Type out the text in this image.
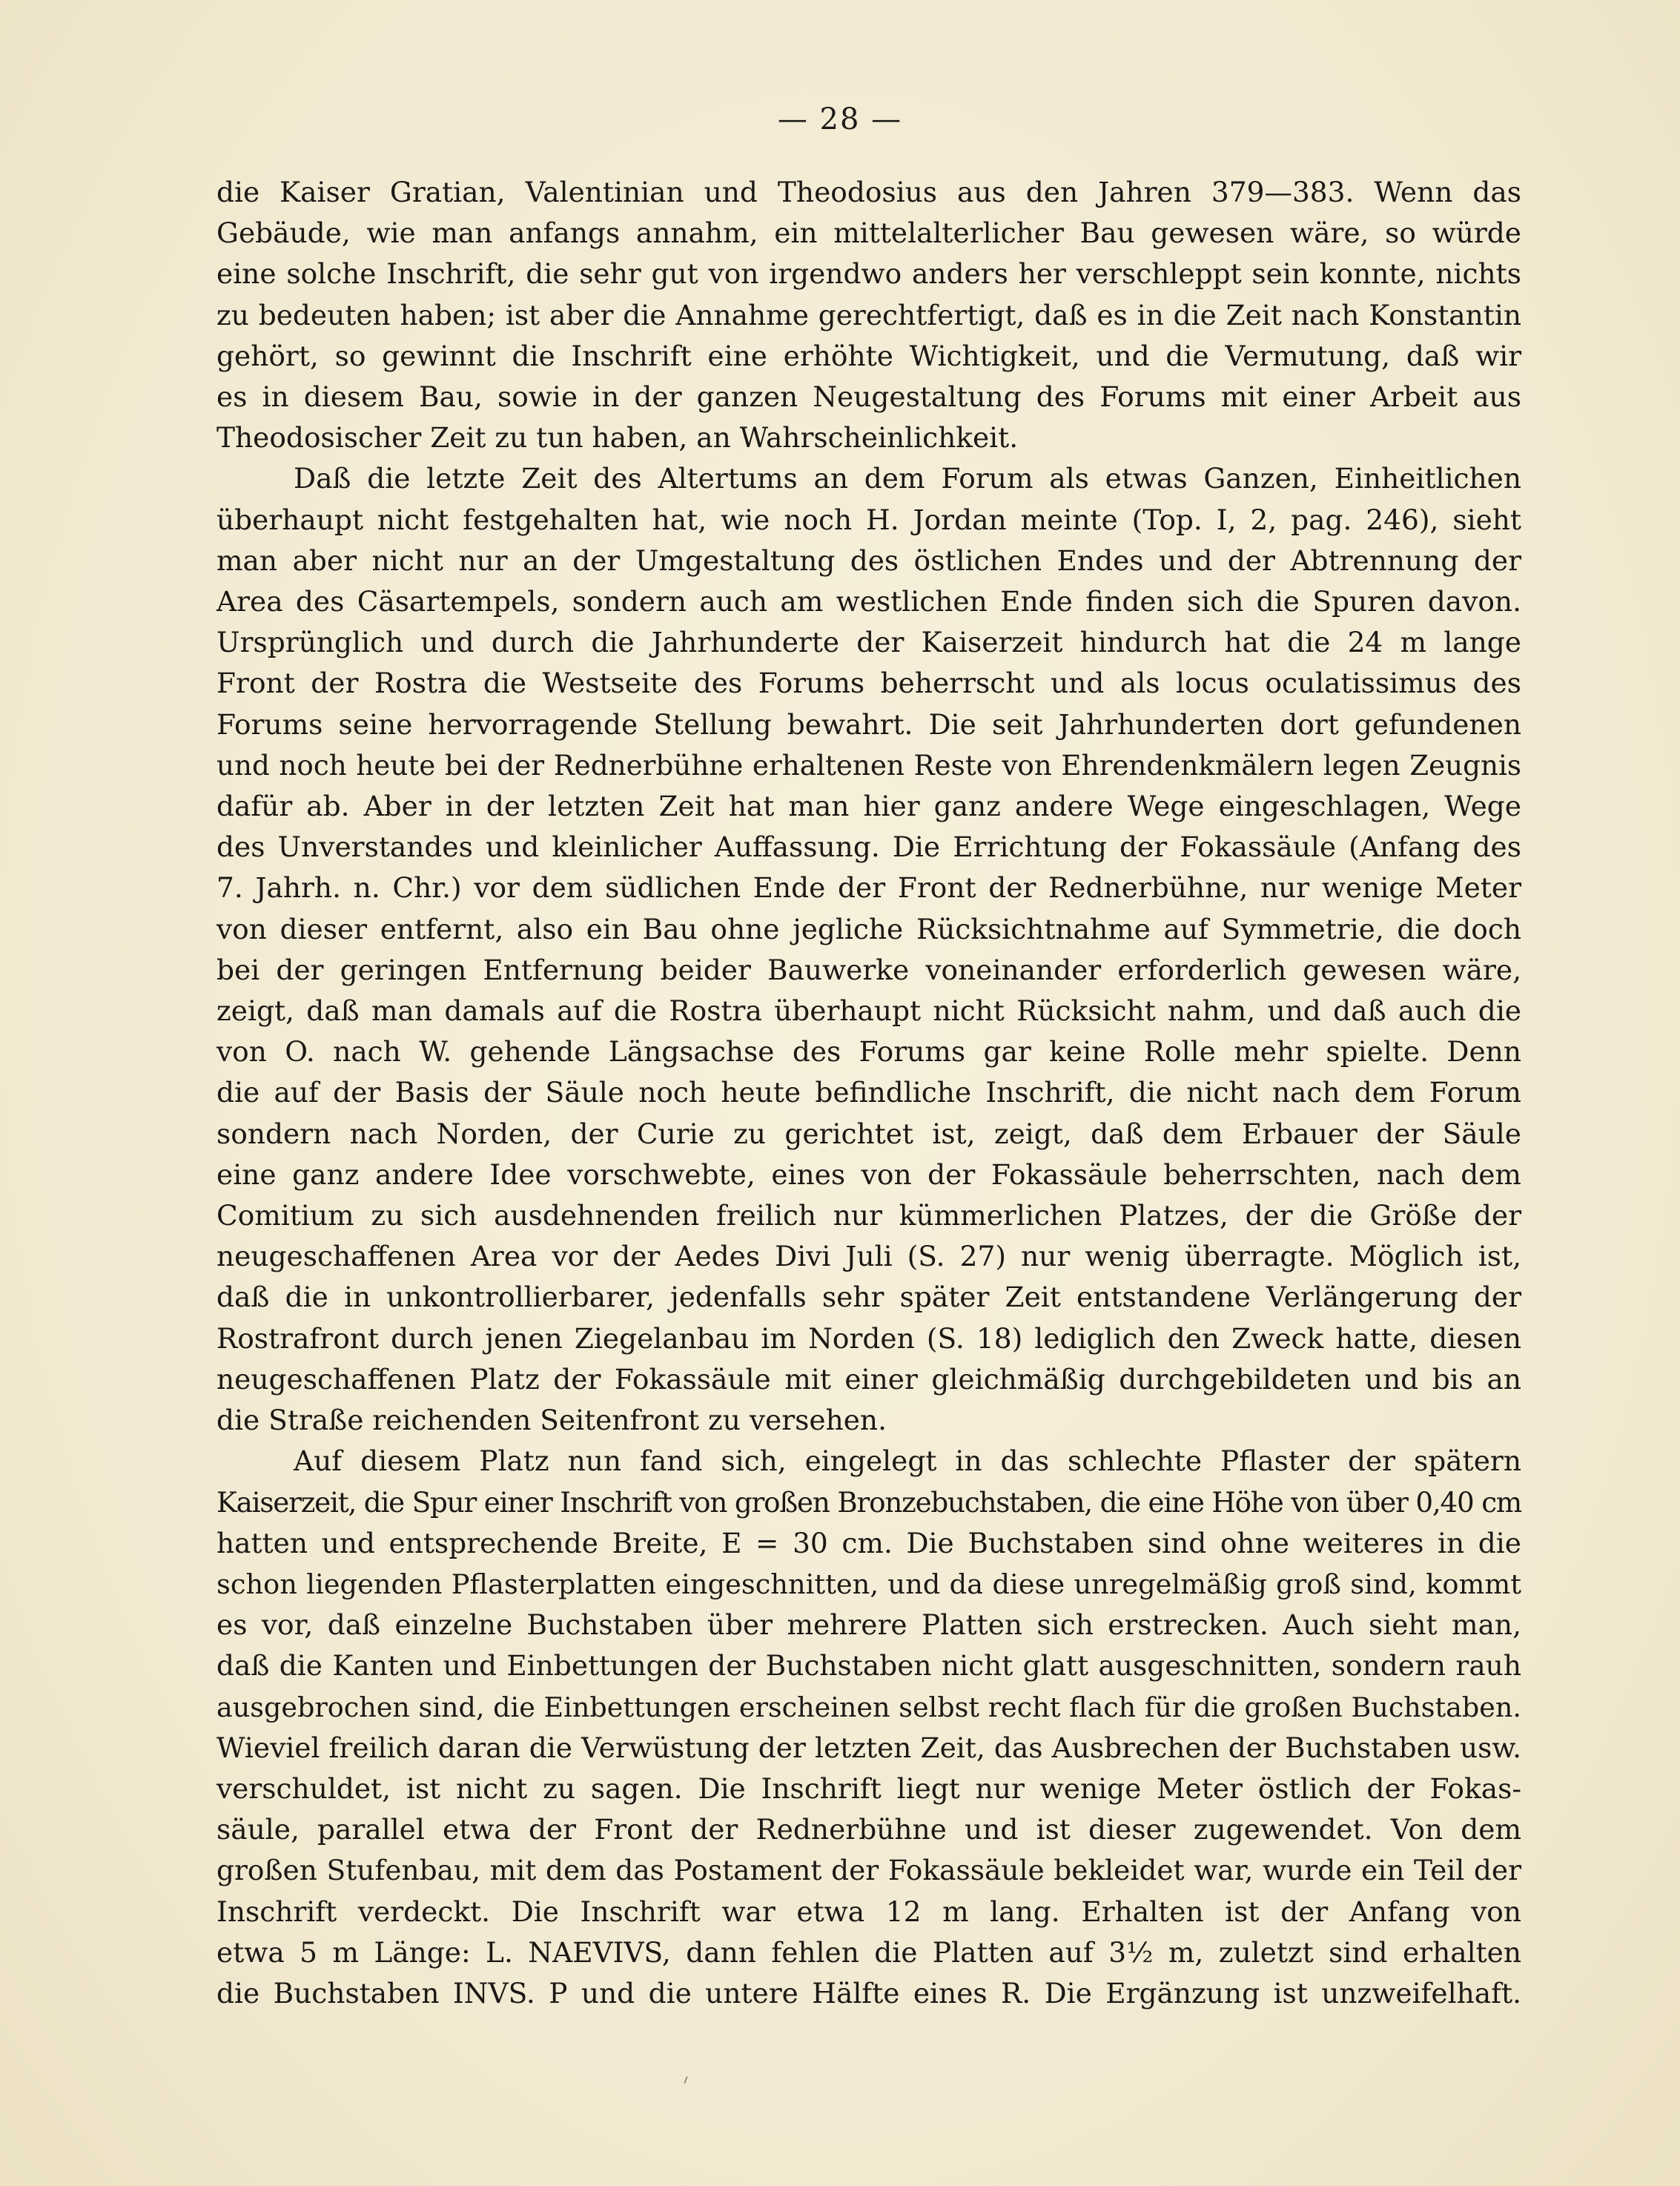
— 28 —

die Kaiser Gratian, Valentinian und Theodosius aus den Jahren 379—383. Wenn das
Gebäude, wie man anfangs annahm, ein mittelalterlicher Bau gewesen wäre, so würde
eine solche Inschrift, die sehr gut von irgendwo anders her verschleppt sein konnte, nichts
zu bedeuten haben; ist aber die Annahme gerechtfertigt, daß es in die Zeit nach Konstantin
gehört, so gewinnt die Inschrift eine erhöhte Wichtigkeit, und die Vermutung, daß wir
es in diesem Bau, sowie in der ganzen Neugestaltung des Forums mit einer Arbeit aus
Theodosischer Zeit zu tun haben, an Wahrscheinlichkeit.

Daß die letzte Zeit des Altertums an dem Forum als etwas Ganzen, Einheitlichen
überhaupt nicht festgehalten hat, wie noch H. Jordan meinte (Top. I, 2, pag. 246), sieht
man aber nicht nur an der Umgestaltung des östlichen Endes und der Abtrennung der
Area des Cäsartempels, sondern auch am westlichen Ende finden sich die Spuren davon.
Ursprünglich und durch die Jahrhunderte der Kaiserzeit hindurch hat die 24 m lange
Front der Rostra die Westseite des Forums beherrscht und als locus oculatissimus des
Forums seine hervorragende Stellung bewahrt. Die seit Jahrhunderten dort gefundenen
und noch heute bei der Rednerbühne erhaltenen Reste von Ehrendenkmälern legen Zeugnis
dafür ab. Aber in der letzten Zeit hat man hier ganz andere Wege eingeschlagen, Wege
des Unverstandes und kleinlicher Auffassung. Die Errichtung der Fokassäule (Anfang des
7. Jahrh. n. Chr.) vor dem südlichen Ende der Front der Rednerbühne, nur wenige Meter
von dieser entfernt, also ein Bau ohne jegliche Rücksichtnahme auf Symmetrie, die doch
bei der geringen Entfernung beider Bauwerke voneinander erforderlich gewesen wäre,
zeigt, daß man damals auf die Rostra überhaupt nicht Rücksicht nahm, und daß auch die
von O. nach W. gehende Längsachse des Forums gar keine Rolle mehr spielte. Denn
die auf der Basis der Säule noch heute befindliche Inschrift, die nicht nach dem Forum
sondern nach Norden, der Curie zu gerichtet ist, zeigt, daß dem Erbauer der Säule
eine ganz andere Idee vorschwebte, eines von der Fokassäule beherrschten, nach dem
Comitium zu sich ausdehnenden freilich nur kümmerlichen Platzes, der die Größe der
neugeschaffenen Area vor der Aedes Divi Juli (S. 27) nur wenig überragte. Möglich ist,
daß die in unkontrollierbarer, jedenfalls sehr später Zeit entstandene Verlängerung der
Rostrafront durch jenen Ziegelanbau im Norden (S. 18) lediglich den Zweck hatte, diesen
neugeschaffenen Platz der Fokassäule mit einer gleichmäßig durchgebildeten und bis an
die Straße reichenden Seitenfront zu versehen.

Auf diesem Platz nun fand sich, eingelegt in das schlechte Pflaster der spätern
Kaiserzeit, die Spur einer Inschrift von großen Bronzebuchstaben, die eine Höhe von über 0,40 cm
hatten und entsprechende Breite, E = 30 cm. Die Buchstaben sind ohne weiteres in die
schon liegenden Pflasterplatten eingeschnitten, und da diese unregelmäßig groß sind, kommt
es vor, daß einzelne Buchstaben über mehrere Platten sich erstrecken. Auch sieht man,
daß die Kanten und Einbettungen der Buchstaben nicht glatt ausgeschnitten, sondern rauh
ausgebrochen sind, die Einbettungen erscheinen selbst recht flach für die großen Buchstaben.
Wieviel freilich daran die Verwüstung der letzten Zeit, das Ausbrechen der Buchstaben usw.
verschuldet, ist nicht zu sagen. Die Inschrift liegt nur wenige Meter östlich der Fokas-
säule, parallel etwa der Front der Rednerbühne und ist dieser zugewendet. Von dem
großen Stufenbau, mit dem das Postament der Fokassäule bekleidet war, wurde ein Teil der
Inschrift verdeckt. Die Inschrift war etwa 12 m lang. Erhalten ist der Anfang von
etwa 5 m Länge: L. NAEVIVS, dann fehlen die Platten auf 3½ m, zuletzt sind erhalten
die Buchstaben INVS. P und die untere Hälfte eines R. Die Ergänzung ist unzweifelhaft.
